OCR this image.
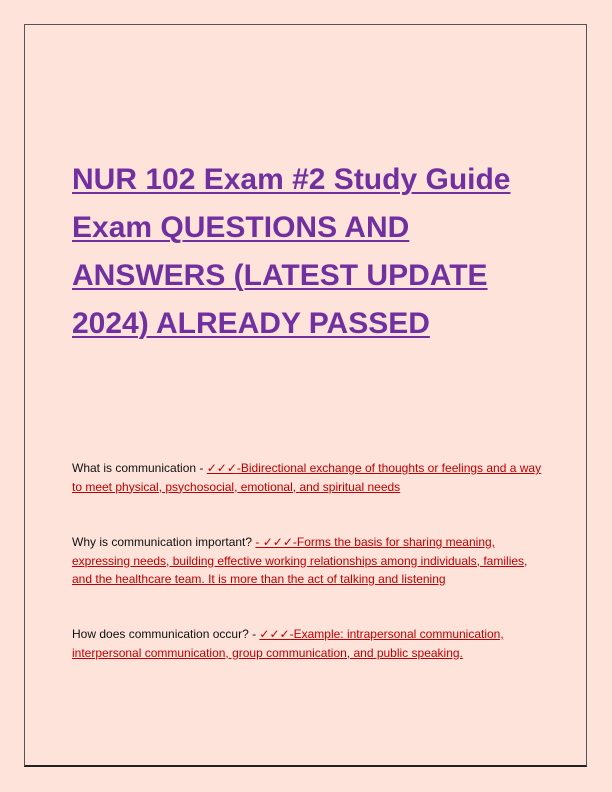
NUR 102 Exam #2 Study Guide Exam QUESTIONS AND ANSWERS (LATEST UPDATE 2024) ALREADY PASSED

What is communication - ✓✓✓-Bidirectional exchange of thoughts or feelings and a way to meet physical, psychosocial, emotional, and spiritual needs

Why is communication important? - ✓✓✓-Forms the basis for sharing meaning, expressing needs, building effective working relationships among individuals, families, and the healthcare team. It is more than the act of talking and listening

How does communication occur? - ✓✓✓-Example: intrapersonal communication, interpersonal communication, group communication, and public speaking.
